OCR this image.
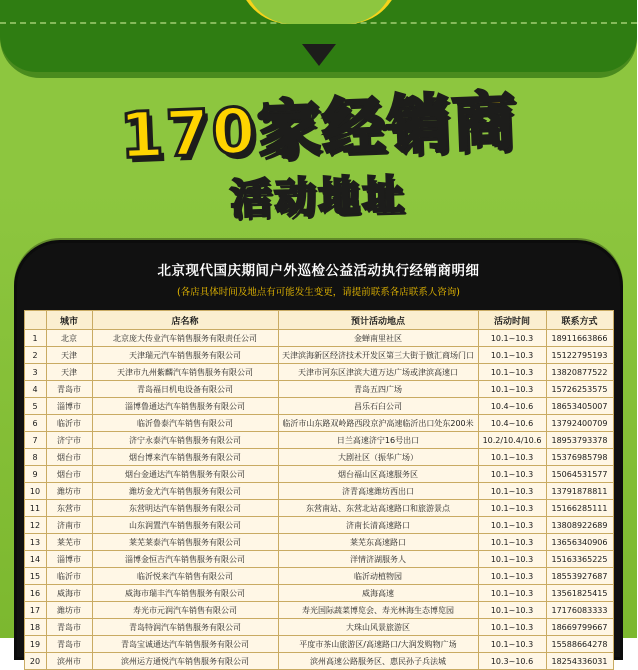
170家经销商
活动地址
北京现代国庆期间户外巡检公益活动执行经销商明细
(各店具体时间及地点有可能发生变更，请提前联系各店联系人咨询)
	城市	店名称	预计活动地点	活动时间	联系方式
1	北京	北京庞大传业汽车销售服务有限责任公司	金蝉南里社区	10.1~10.3	18911663866
2	天津	天津瑞元汽车销售服务有限公司	天津滨海新区经济技术开发区第三大街于倣汇商场门口	10.1~10.3	15122795193
3	天津	天津市九州紫麟汽车销售服务有限公司	天津市河东区津滨大道万达广场或津滨高速口	10.1~10.3	13820877522
4	青岛市	青岛福日机电设备有限公司	青岛五四广场	10.1~10.3	15726253575
5	淄博市	淄博鲁通达汽车销售服务有限公司	昌乐石臼公司	10.4~10.6	18653405007
6	临沂市	临沂鲁泰汽车销售有限公司	临沂市山东路双岭路西段京沪高速临沂出口处东200米	10.4~10.6	13792400709
7	济宁市	济宁永泰汽车销售服务有限公司	日兰高速济宁16号出口	10.2/10.4/10.6	18953793378
8	烟台市	烟台博来汽车销售服务有限公司	大剧社区（振华广场）	10.1~10.3	15376985798
9	烟台市	烟台金通达汽车销售服务有限公司	烟台福山区高速服务区	10.1~10.3	15064531577
10	潍坊市	潍坊金尤汽车销售服务有限公司	济青高速潍坊西出口	10.1~10.3	13791878811
11	东营市	东营明达汽车销售服务有限公司	东营南站、东营北站高速路口和旅游景点	10.1~10.3	15166285111
12	济南市	山东润置汽车销售服务有限公司	济南长清高速路口	10.1~10.3	13808922689
13	莱芜市	莱芜莱泰汽车销售服务有限公司	莱芜东高速路口	10.1~10.3	13656340906
14	淄博市	淄博金恒吉汽车销售服务有限公司	洋情济湖服务人	10.1~10.3	15163365225
15	临沂市	临沂悦来汽车销售有限公司	临沂动植物园	10.1~10.3	18553927687
16	威海市	威海市瑞丰汽车销售服务有限公司	威海高速	10.1~10.3	13561825415
17	潍坊市	寿光市元润汽车销售有限公司	寿光国际蔬菜博览会、寿光林海生态博览园	10.1~10.3	17176083333
18	青岛市	青岛特润汽车销售服务有限公司	大珠山风景旅游区	10.1~10.3	18669799667
19	青岛市	青岛宝诚通达汽车销售服务有限公司	平度市茶山旅游区/高速路口/大润发购物广场	10.1~10.3	15588664278
20	滨州市	滨州运方通悦汽车销售服务有限公司	滨州高速公路服务区、惠民孙子兵法城	10.3~10.6	18254336031
